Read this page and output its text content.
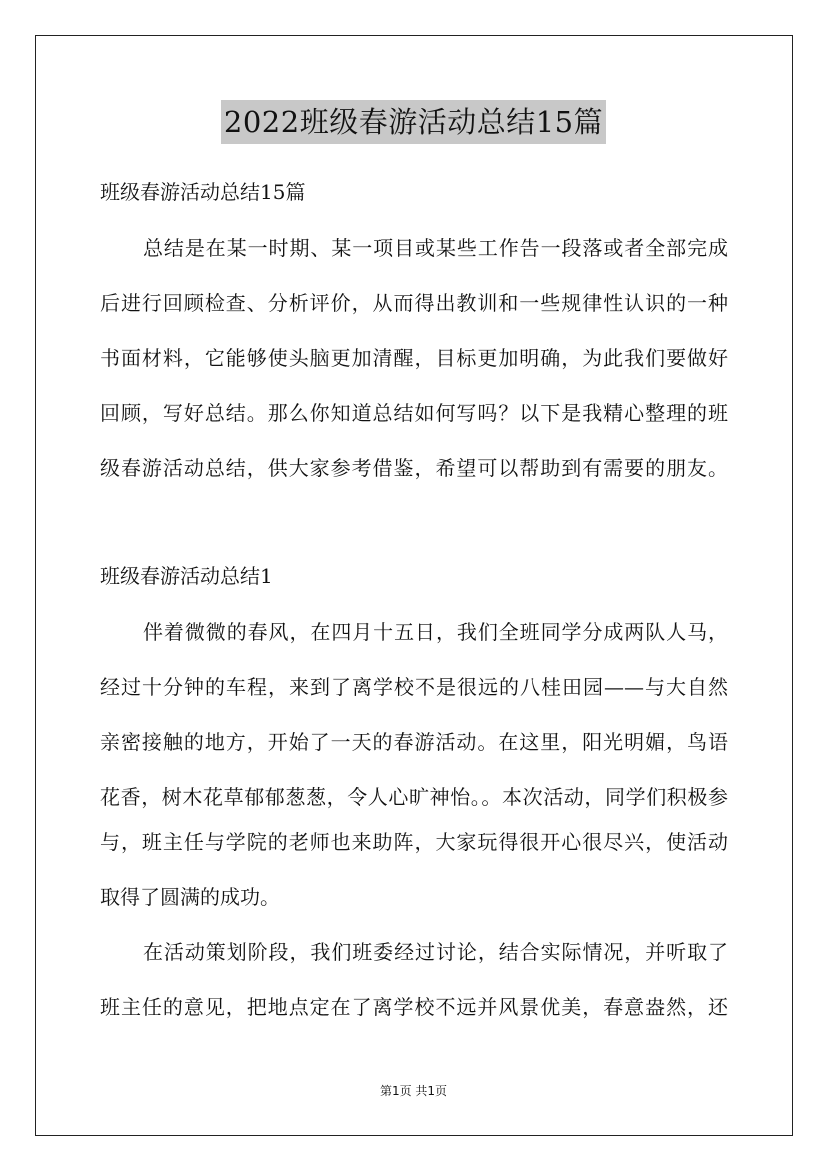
2022班级春游活动总结15篇
班级春游活动总结15篇
总结是在某一时期、某一项目或某些工作告一段落或者全部完成
后进行回顾检查、分析评价，从而得出教训和一些规律性认识的一种
书面材料，它能够使头脑更加清醒，目标更加明确，为此我们要做好
回顾，写好总结。那么你知道总结如何写吗？以下是我精心整理的班
级春游活动总结，供大家参考借鉴，希望可以帮助到有需要的朋友。
班级春游活动总结1
伴着微微的春风，在四月十五日，我们全班同学分成两队人马，
经过十分钟的车程，来到了离学校不是很远的八桂田园——与大自然
亲密接触的地方，开始了一天的春游活动。在这里，阳光明媚，鸟语
花香，树木花草郁郁葱葱，令人心旷神怡。。本次活动，同学们积极参
与，班主任与学院的老师也来助阵，大家玩得很开心很尽兴，使活动
取得了圆满的成功。
在活动策划阶段，我们班委经过讨论，结合实际情况，并听取了
班主任的意见，把地点定在了离学校不远并风景优美，春意盎然，还
第1页 共1页
